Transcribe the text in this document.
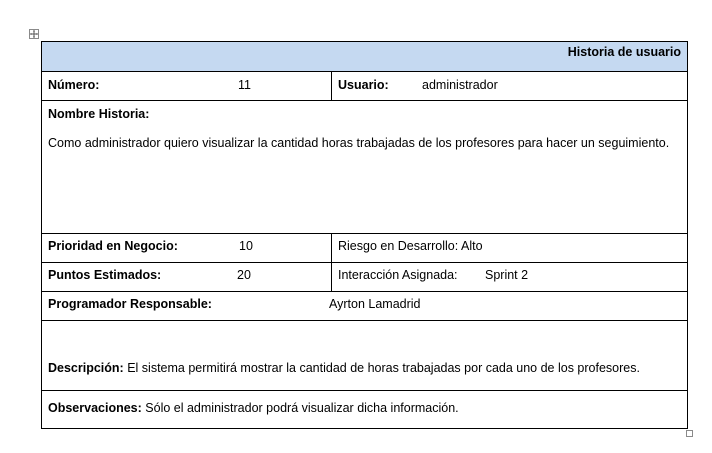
Historia de usuario	
Número: 11	Usuario: administrador

Nombre Historia:

Como administrador quiero visualizar la cantidad horas trabajadas de los profesores para hacer un seguimiento.	

Prioridad en Negocio: 10	Riesgo en Desarrollo: Alto
Puntos Estimados: 20	Interacción Asignada: Sprint 2
Programador Responsable: Ayrton Lamadrid	
Descripción: El sistema permitirá mostrar la cantidad de horas trabajadas por cada uno de los profesores.	
Observaciones: Sólo el administrador podrá visualizar dicha información.	
